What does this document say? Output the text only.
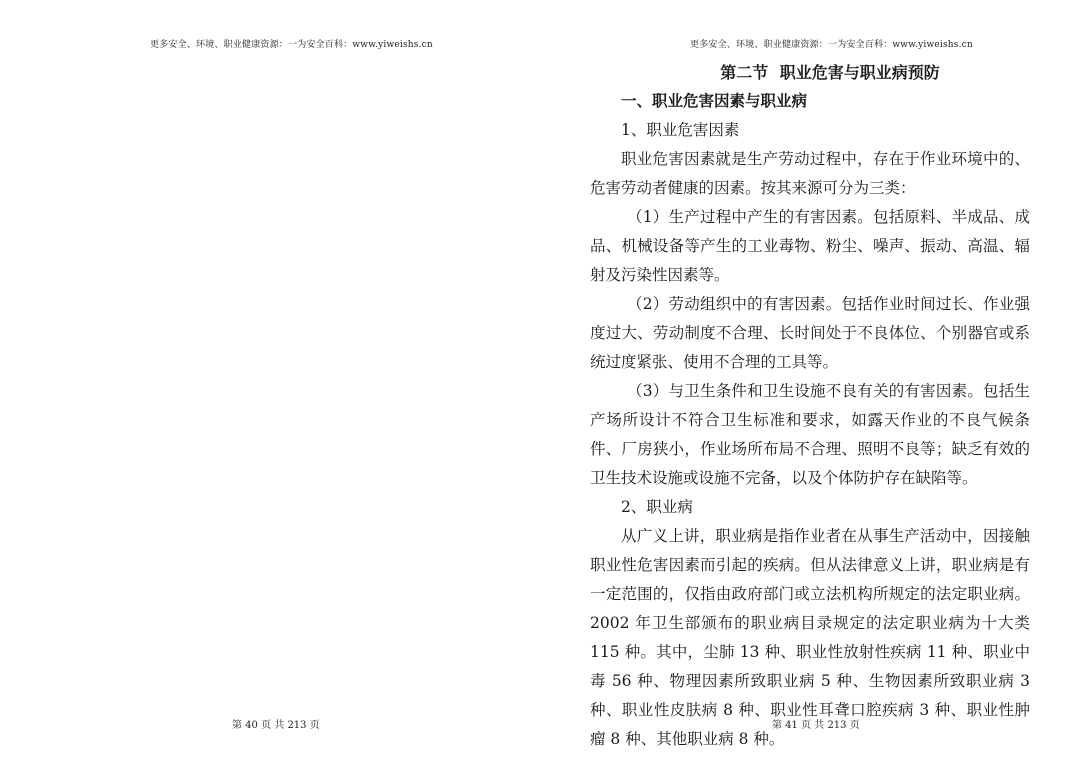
更多安全、环境、职业健康资源：一为安全百科：www.yiweishs.cn
第 40 页 共 213 页
更多安全、环境、职业健康资源：一为安全百科：www.yiweishs.cn

第二节 职业危害与职业病预防

一、职业危害因素与职业病

1、职业危害因素

职业危害因素就是生产劳动过程中，存在于作业环境中的、危害劳动者健康的因素。按其来源可分为三类：

（1）生产过程中产生的有害因素。包括原料、半成品、成品、机械设备等产生的工业毒物、粉尘、噪声、振动、高温、辐射及污染性因素等。

（2）劳动组织中的有害因素。包括作业时间过长、作业强度过大、劳动制度不合理、长时间处于不良体位、个别器官或系统过度紧张、使用不合理的工具等。

（3）与卫生条件和卫生设施不良有关的有害因素。包括生产场所设计不符合卫生标准和要求，如露天作业的不良气候条件、厂房狭小，作业场所布局不合理、照明不良等；缺乏有效的卫生技术设施或设施不完备，以及个体防护存在缺陷等。

2、职业病

从广义上讲，职业病是指作业者在从事生产活动中，因接触职业性危害因素而引起的疾病。但从法律意义上讲，职业病是有一定范围的，仅指由政府部门或立法机构所规定的法定职业病。2002 年卫生部颁布的职业病目录规定的法定职业病为十大类 115 种。其中，尘肺 13 种、职业性放射性疾病 11 种、职业中毒 56 种、物理因素所致职业病 5 种、生物因素所致职业病 3 种、职业性皮肤病 8 种、职业性耳聋口腔疾病 3 种、职业性肿瘤 8 种、其他职业病 8 种。

第 41 页 共 213 页
